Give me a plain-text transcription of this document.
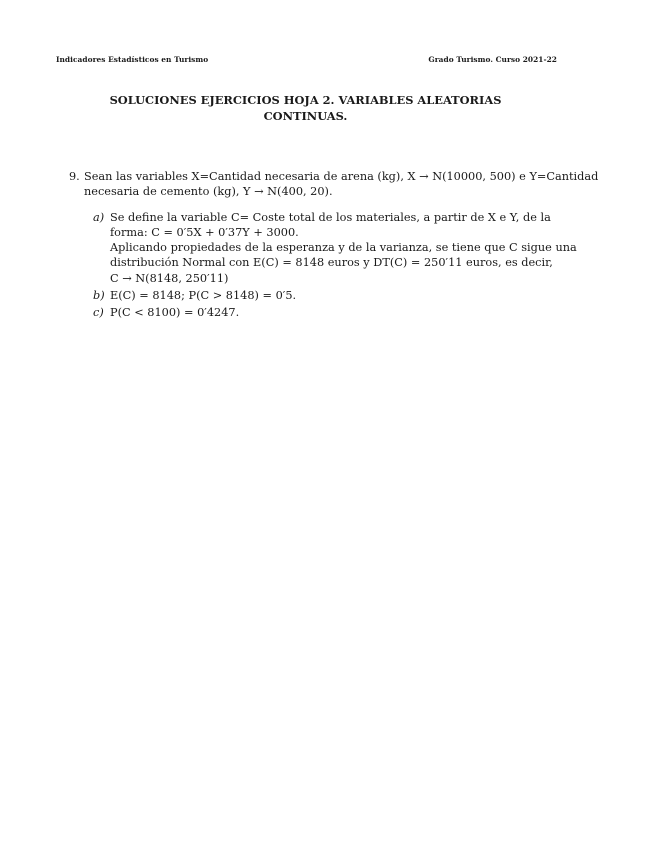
Indicadores Estadísticos en Turismo	Grado Turismo. Curso 2021-22
SOLUCIONES EJERCICIOS HOJA 2. VARIABLES ALEATORIAS
CONTINUAS.
9. Sean las variables X=Cantidad necesaria de arena (kg), X → N(10000, 500) e Y=Cantidad
necesaria de cemento (kg), Y → N(400, 20).
a) Se define la variable C= Coste total de los materiales, a partir de X e Y, de la
forma: C = 0′5X + 0′37Y + 3000.
Aplicando propiedades de la esperanza y de la varianza, se tiene que C sigue una
distribución Normal con E(C) = 8148 euros y DT(C) = 250′11 euros, es decir,
C → N(8148, 250′11)
b) E(C) = 8148; P(C > 8148) = 0′5.
c) P(C < 8100) = 0′4247.
